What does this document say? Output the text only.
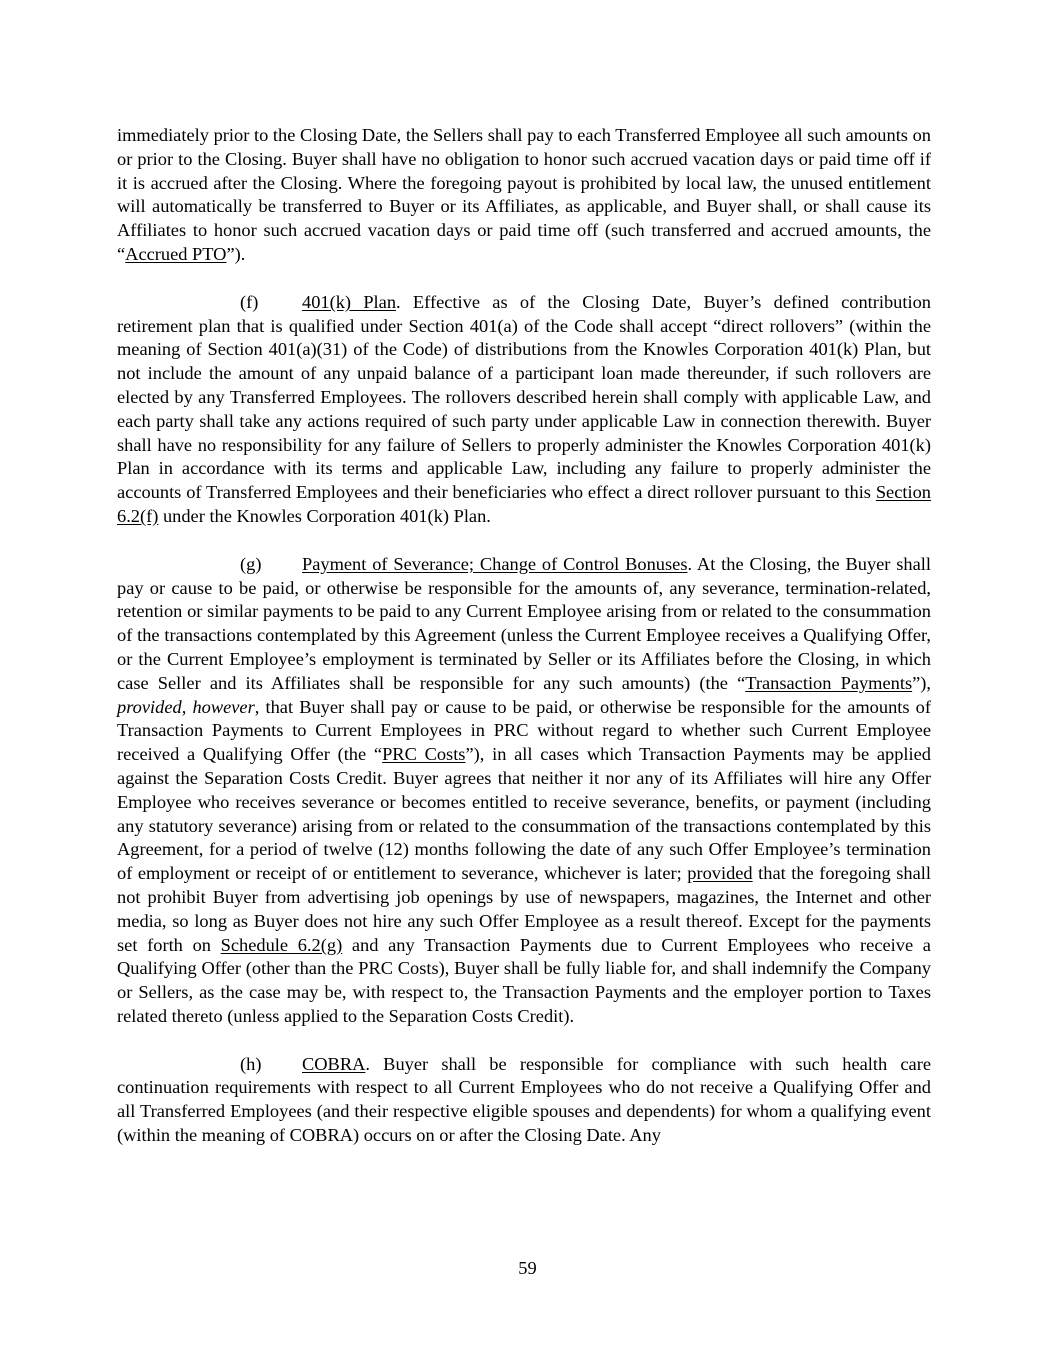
immediately prior to the Closing Date, the Sellers shall pay to each Transferred Employee all such amounts on or prior to the Closing. Buyer shall have no obligation to honor such accrued vacation days or paid time off if it is accrued after the Closing. Where the foregoing payout is prohibited by local law, the unused entitlement will automatically be transferred to Buyer or its Affiliates, as applicable, and Buyer shall, or shall cause its Affiliates to honor such accrued vacation days or paid time off (such transferred and accrued amounts, the “Accrued PTO”).

(f) 401(k) Plan. Effective as of the Closing Date, Buyer’s defined contribution retirement plan that is qualified under Section 401(a) of the Code shall accept “direct rollovers” (within the meaning of Section 401(a)(31) of the Code) of distributions from the Knowles Corporation 401(k) Plan, but not include the amount of any unpaid balance of a participant loan made thereunder, if such rollovers are elected by any Transferred Employees. The rollovers described herein shall comply with applicable Law, and each party shall take any actions required of such party under applicable Law in connection therewith. Buyer shall have no responsibility for any failure of Sellers to properly administer the Knowles Corporation 401(k) Plan in accordance with its terms and applicable Law, including any failure to properly administer the accounts of Transferred Employees and their beneficiaries who effect a direct rollover pursuant to this Section 6.2(f) under the Knowles Corporation 401(k) Plan.

(g) Payment of Severance; Change of Control Bonuses. At the Closing, the Buyer shall pay or cause to be paid, or otherwise be responsible for the amounts of, any severance, termination-related, retention or similar payments to be paid to any Current Employee arising from or related to the consummation of the transactions contemplated by this Agreement (unless the Current Employee receives a Qualifying Offer, or the Current Employee’s employment is terminated by Seller or its Affiliates before the Closing, in which case Seller and its Affiliates shall be responsible for any such amounts) (the “Transaction Payments”), provided, however, that Buyer shall pay or cause to be paid, or otherwise be responsible for the amounts of Transaction Payments to Current Employees in PRC without regard to whether such Current Employee received a Qualifying Offer (the “PRC Costs”), in all cases which Transaction Payments may be applied against the Separation Costs Credit. Buyer agrees that neither it nor any of its Affiliates will hire any Offer Employee who receives severance or becomes entitled to receive severance, benefits, or payment (including any statutory severance) arising from or related to the consummation of the transactions contemplated by this Agreement, for a period of twelve (12) months following the date of any such Offer Employee’s termination of employment or receipt of or entitlement to severance, whichever is later; provided that the foregoing shall not prohibit Buyer from advertising job openings by use of newspapers, magazines, the Internet and other media, so long as Buyer does not hire any such Offer Employee as a result thereof. Except for the payments set forth on Schedule 6.2(g) and any Transaction Payments due to Current Employees who receive a Qualifying Offer (other than the PRC Costs), Buyer shall be fully liable for, and shall indemnify the Company or Sellers, as the case may be, with respect to, the Transaction Payments and the employer portion to Taxes related thereto (unless applied to the Separation Costs Credit).

(h) COBRA. Buyer shall be responsible for compliance with such health care continuation requirements with respect to all Current Employees who do not receive a Qualifying Offer and all Transferred Employees (and their respective eligible spouses and dependents) for whom a qualifying event (within the meaning of COBRA) occurs on or after the Closing Date. Any

59
